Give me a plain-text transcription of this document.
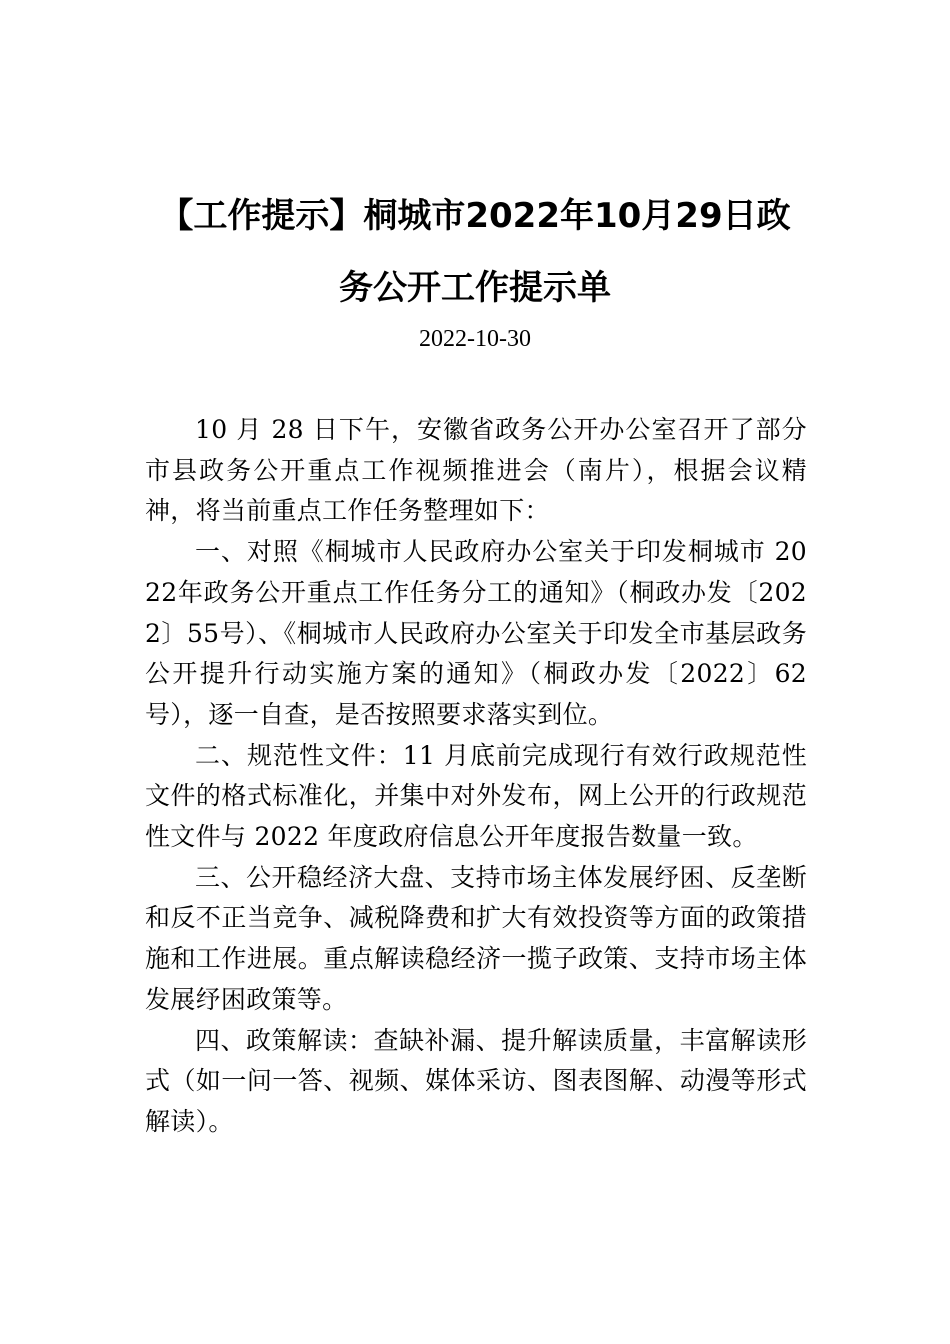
【工作提示】桐城市2022年10月29日政
务公开工作提示单
2022-10-30

10 月 28 日下午，安徽省政务公开办公室召开了部分市县政务公开重点工作视频推进会（南片），根据会议精神，将当前重点工作任务整理如下：

一、对照《桐城市人民政府办公室关于印发桐城市 2022年政务公开重点工作任务分工的通知》（桐政办发〔2022〕55号）、《桐城市人民政府办公室关于印发全市基层政务公开提升行动实施方案的通知》（桐政办发〔2022〕62 号），逐一自查，是否按照要求落实到位。

二、规范性文件：11 月底前完成现行有效行政规范性文件的格式标准化，并集中对外发布，网上公开的行政规范性文件与 2022 年度政府信息公开年度报告数量一致。

三、公开稳经济大盘、支持市场主体发展纾困、反垄断和反不正当竞争、减税降费和扩大有效投资等方面的政策措施和工作进展。重点解读稳经济一揽子政策、支持市场主体发展纾困政策等。

四、政策解读：查缺补漏、提升解读质量，丰富解读形式（如一问一答、视频、媒体采访、图表图解、动漫等形式解读）。
